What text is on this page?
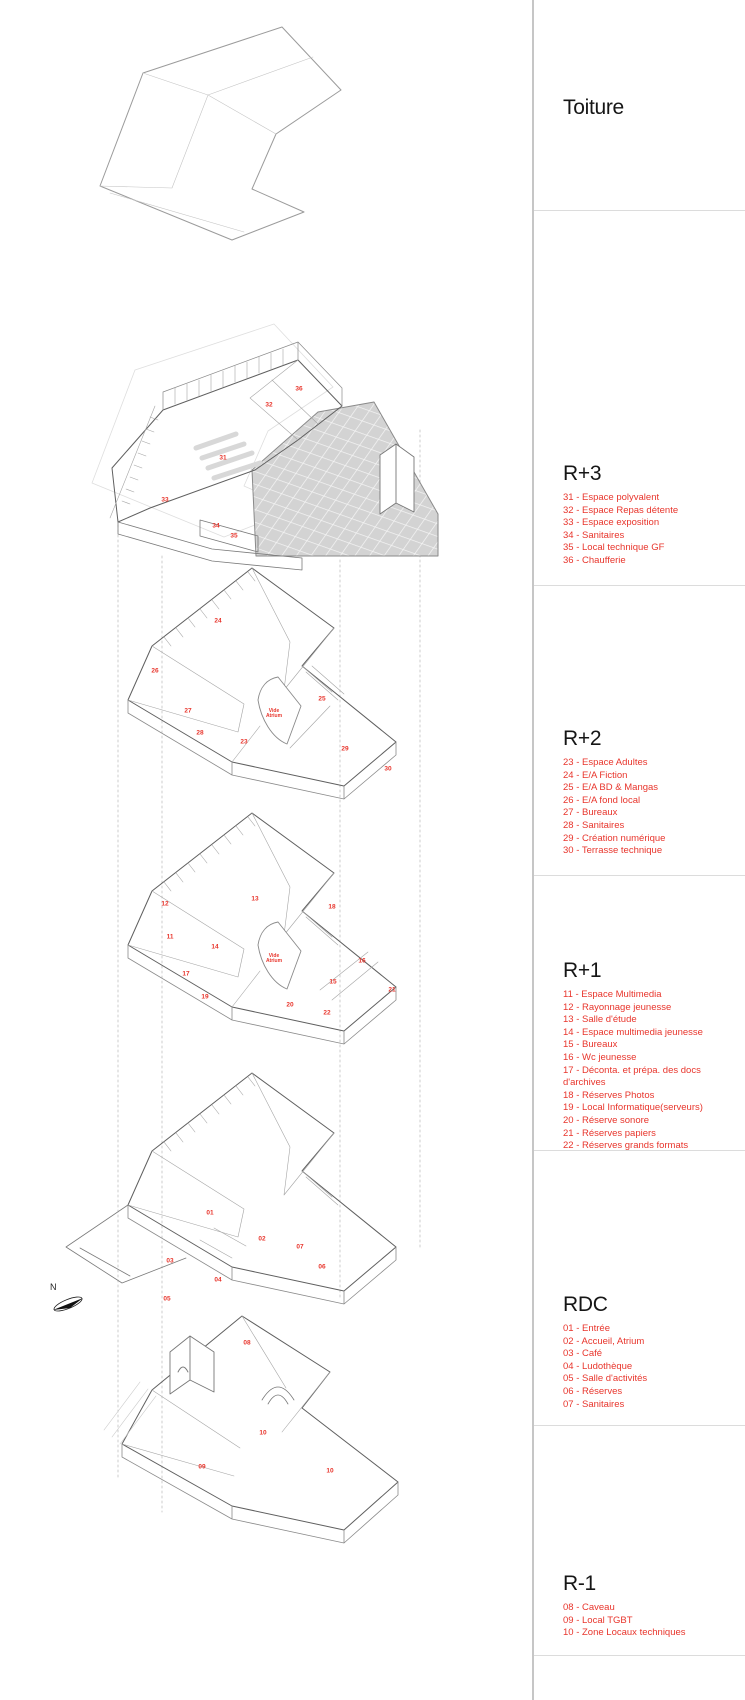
36
32
31
33
34
35
Vide
Atrium
24
26
25
27
28
23
29
30
Vide
Atrium
12
13
18
11
14
16
17
15
19
20
21
22
01
02
07
03
06
04
05
08
10
09
10
N
Toiture
R+3
31 - Espace polyvalent
32 - Espace Repas détente
33 - Espace exposition
34 - Sanitaires
35 - Local technique GF
36 - Chaufferie
R+2
23 - Espace Adultes
24 - E/A Fiction
25 - E/A BD & Mangas
26 - E/A fond local
27 - Bureaux
28 - Sanitaires
29 - Création numérique
30 - Terrasse technique
R+1
11 - Espace Multimedia
12 - Rayonnage jeunesse
13 - Salle d'étude
14 - Espace multimedia jeunesse
15 - Bureaux
16 - Wc jeunesse
17 - Déconta. et prépa. des docs d'archives
18 - Réserves Photos
19 - Local Informatique(serveurs)
20 - Réserve sonore
21 - Réserves papiers
22 - Réserves grands formats
RDC
01 - Entrée
02 - Accueil, Atrium
03 - Café
04 - Ludothèque
05 - Salle d'activités
06 - Réserves
07 - Sanitaires
R-1
08 - Caveau
09 - Local TGBT
10 - Zone Locaux techniques
